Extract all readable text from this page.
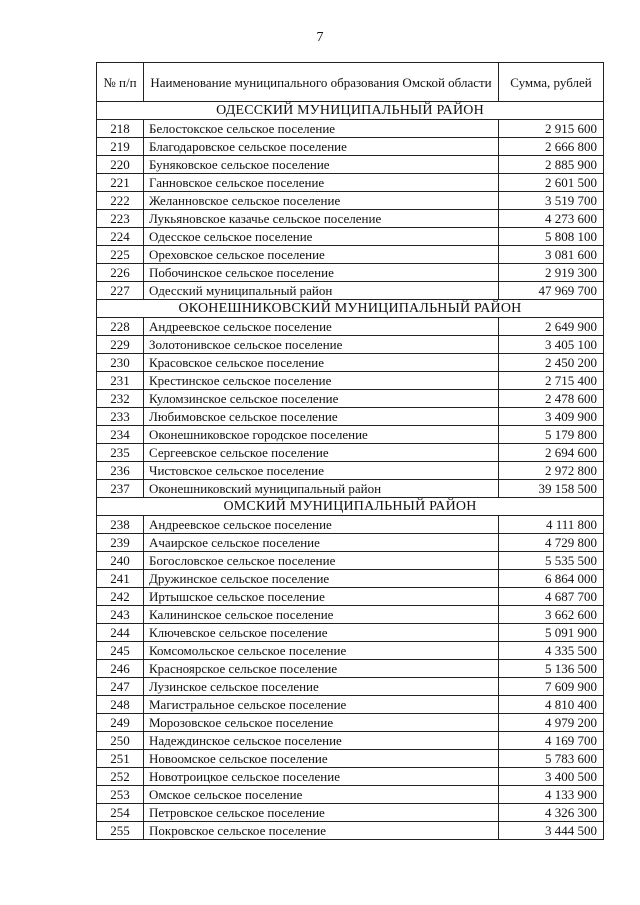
7
№ п/п	Наименование муниципального образования Омской области	Сумма, рублей
ОДЕССКИЙ МУНИЦИПАЛЬНЫЙ РАЙОН		
218	Белостокское сельское поселение	2 915 600
219	Благодаровское сельское поселение	2 666 800
220	Буняковское сельское поселение	2 885 900
221	Ганновское сельское поселение	2 601 500
222	Желанновское сельское поселение	3 519 700
223	Лукьяновское казачье сельское поселение	4 273 600
224	Одесское сельское поселение	5 808 100
225	Ореховское сельское поселение	3 081 600
226	Побочинское сельское поселение	2 919 300
227	Одесский муниципальный район	47 969 700
ОКОНЕШНИКОВСКИЙ МУНИЦИПАЛЬНЫЙ РАЙОН		
228	Андреевское сельское поселение	2 649 900
229	Золотонивское сельское поселение	3 405 100
230	Красовское сельское поселение	2 450 200
231	Крестинское сельское поселение	2 715 400
232	Куломзинское сельское поселение	2 478 600
233	Любимовское сельское поселение	3 409 900
234	Оконешниковское городское поселение	5 179 800
235	Сергеевское сельское поселение	2 694 600
236	Чистовское сельское поселение	2 972 800
237	Оконешниковский муниципальный район	39 158 500
ОМСКИЙ МУНИЦИПАЛЬНЫЙ РАЙОН		
238	Андреевское сельское поселение	4 111 800
239	Ачаирское сельское поселение	4 729 800
240	Богословское сельское поселение	5 535 500
241	Дружинское сельское поселение	6 864 000
242	Иртышское сельское поселение	4 687 700
243	Калининское сельское поселение	3 662 600
244	Ключевское сельское поселение	5 091 900
245	Комсомольское сельское поселение	4 335 500
246	Красноярское сельское поселение	5 136 500
247	Лузинское сельское поселение	7 609 900
248	Магистральное сельское поселение	4 810 400
249	Морозовское сельское поселение	4 979 200
250	Надеждинское сельское поселение	4 169 700
251	Новоомское сельское поселение	5 783 600
252	Новотроицкое сельское поселение	3 400 500
253	Омское сельское поселение	4 133 900
254	Петровское сельское поселение	4 326 300
255	Покровское сельское поселение	3 444 500
